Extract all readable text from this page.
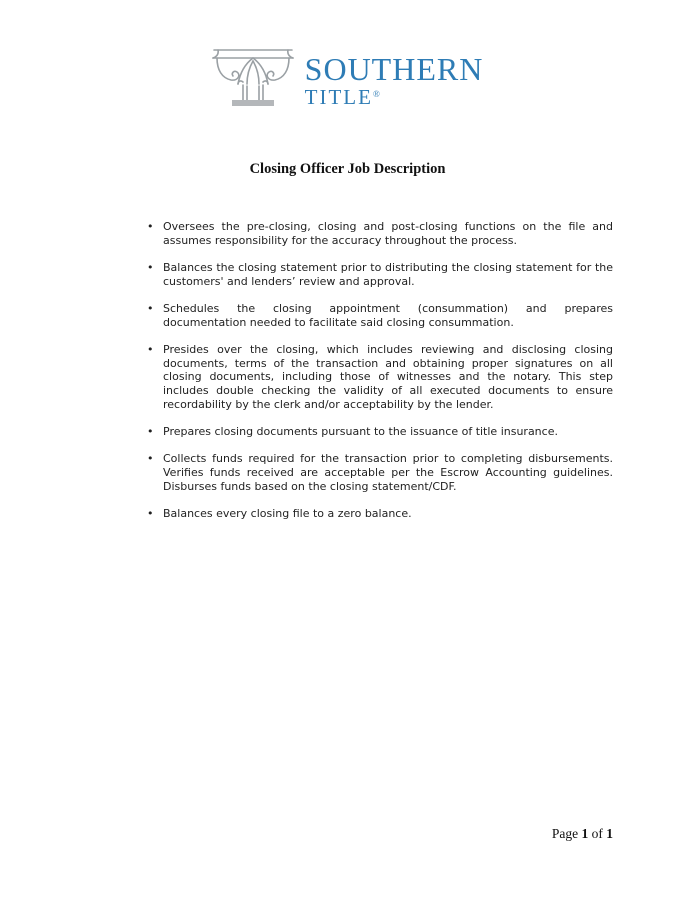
SOUTHERN
TITLE®
Closing Officer Job Description
• Oversees the pre-closing, closing and post-closing functions on the file and assumes responsibility for the accuracy throughout the process.
• Balances the closing statement prior to distributing the closing statement for the customers' and lenders’ review and approval.
• Schedules the closing appointment (consummation) and prepares documentation needed to facilitate said closing consummation.
• Presides over the closing, which includes reviewing and disclosing closing documents, terms of the transaction and obtaining proper signatures on all closing documents, including those of witnesses and the notary. This step includes double checking the validity of all executed documents to ensure recordability by the clerk and/or acceptability by the lender.
• Prepares closing documents pursuant to the issuance of title insurance.
• Collects funds required for the transaction prior to completing disbursements. Verifies funds received are acceptable per the Escrow Accounting guidelines. Disburses funds based on the closing statement/CDF.
• Balances every closing file to a zero balance.
Page 1 of 1
